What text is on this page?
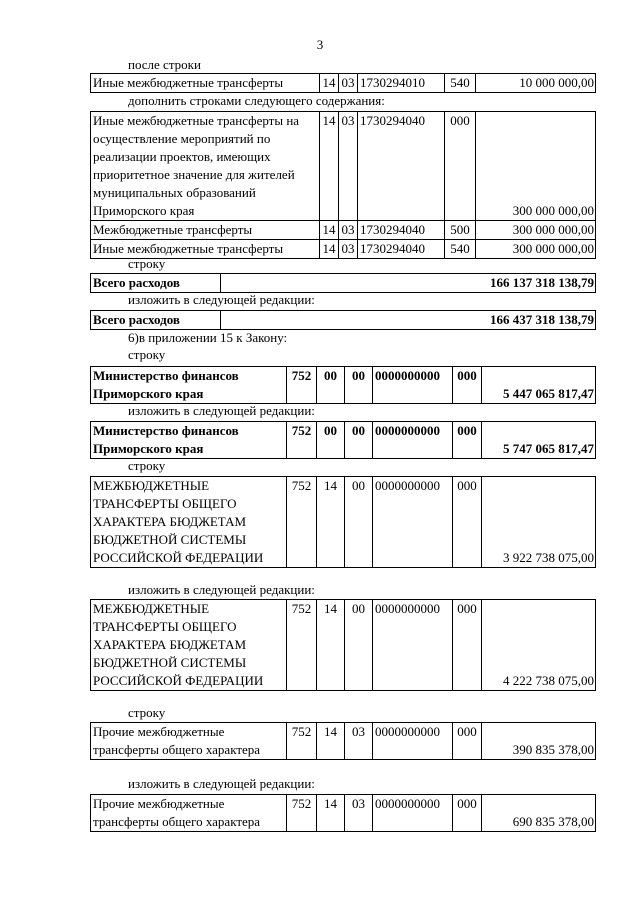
3
после строки
Иные межбюджетные трансферты	14	03	1730294010	540	10 000 000,00
дополнить строками следующего содержания:
Иные межбюджетные трансферты на осуществление мероприятий по реализации проектов, имеющих приоритетное значение для жителей муниципальных образований Приморского края	14	03	1730294040	000	300 000 000,00
Межбюджетные трансферты	14	03	1730294040	500	300 000 000,00
Иные межбюджетные трансферты	14	03	1730294040	540	300 000 000,00
строку
Всего расходов	166 137 318 138,79
изложить в следующей редакции:
Всего расходов	166 437 318 138,79
6)в приложении 15 к Закону:
строку
Министерство финансов Приморского края	752	00	00	0000000000	000	5 447 065 817,47
изложить в следующей редакции:
Министерство финансов Приморского края	752	00	00	0000000000	000	5 747 065 817,47
строку
МЕЖБЮДЖЕТНЫЕ ТРАНСФЕРТЫ ОБЩЕГО ХАРАКТЕРА БЮДЖЕТАМ БЮДЖЕТНОЙ СИСТЕМЫ РОССИЙСКОЙ ФЕДЕРАЦИИ	752	14	00	0000000000	000	3 922 738 075,00
изложить в следующей редакции:
МЕЖБЮДЖЕТНЫЕ ТРАНСФЕРТЫ ОБЩЕГО ХАРАКТЕРА БЮДЖЕТАМ БЮДЖЕТНОЙ СИСТЕМЫ РОССИЙСКОЙ ФЕДЕРАЦИИ	752	14	00	0000000000	000	4 222 738 075,00
строку
Прочие межбюджетные трансферты общего характера	752	14	03	0000000000	000	390 835 378,00
изложить в следующей редакции:
Прочие межбюджетные трансферты общего характера	752	14	03	0000000000	000	690 835 378,00
